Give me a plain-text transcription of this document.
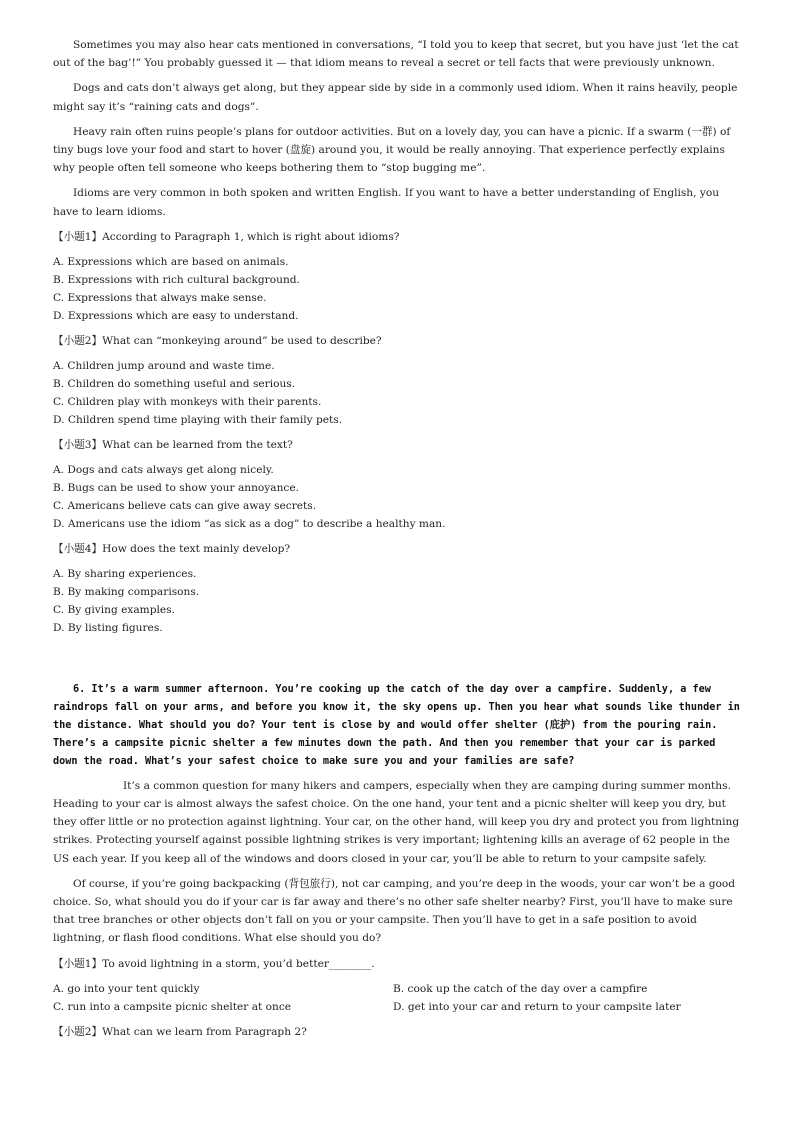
Sometimes you may also hear cats mentioned in conversations, “I told you to keep that secret, but you have just ‘let the cat out of the bag’!” You probably guessed it — that idiom means to reveal a secret or tell facts that were previously unknown.

Dogs and cats don’t always get along, but they appear side by side in a commonly used idiom. When it rains heavily, people might say it’s “raining cats and dogs”.

Heavy rain often ruins people’s plans for outdoor activities. But on a lovely day, you can have a picnic. If a swarm (一群) of tiny bugs love your food and start to hover (盘旋) around you, it would be really annoying. That experience perfectly explains why people often tell someone who keeps bothering them to “stop bugging me”.

Idioms are very common in both spoken and written English. If you want to have a better understanding of English, you have to learn idioms.

【小题1】According to Paragraph 1, which is right about idioms?

A. Expressions which are based on animals.

B. Expressions with rich cultural background.

C. Expressions that always make sense.

D. Expressions which are easy to understand.

【小题2】What can “monkeying around” be used to describe?

A. Children jump around and waste time.

B. Children do something useful and serious.

C. Children play with monkeys with their parents.

D. Children spend time playing with their family pets.

【小题3】What can be learned from the text?

A. Dogs and cats always get along nicely.

B. Bugs can be used to show your annoyance.

C. Americans believe cats can give away secrets.

D. Americans use the idiom “as sick as a dog” to describe a healthy man.

【小题4】How does the text mainly develop?

A. By sharing experiences.

B. By making comparisons.

C. By giving examples.

D. By listing figures.

6. It’s a warm summer afternoon. You’re cooking up the catch of the day over a campfire. Suddenly, a few raindrops fall on your arms, and before you know it, the sky opens up. Then you hear what sounds like thunder in the distance. What should you do? Your tent is close by and would offer shelter (庇护) from the pouring rain. There’s a campsite picnic shelter a few minutes down the path. And then you remember that your car is parked down the road. What’s your safest choice to make sure you and your families are safe?

It’s a common question for many hikers and campers, especially when they are camping during summer months. Heading to your car is almost always the safest choice. On the one hand, your tent and a picnic shelter will keep you dry, but they offer little or no protection against lightning. Your car, on the other hand, will keep you dry and protect you from lightning strikes. Protecting yourself against possible lightning strikes is very important; lightening kills an average of 62 people in the US each year. If you keep all of the windows and doors closed in your car, you’ll be able to return to your campsite safely.

Of course, if you’re going backpacking (背包旅行), not car camping, and you’re deep in the woods, your car won’t be a good choice. So, what should you do if your car is far away and there’s no other safe shelter nearby? First, you’ll have to make sure that tree branches or other objects don’t fall on you or your campsite. Then you’ll have to get in a safe position to avoid lightning, or flash flood conditions. What else should you do?

【小题1】To avoid lightning in a storm, you’d better________.

A. go into your tent quickly	B. cook up the catch of the day over a campfire

C. run into a campsite picnic shelter at once	D. get into your car and return to your campsite later

【小题2】What can we learn from Paragraph 2?
